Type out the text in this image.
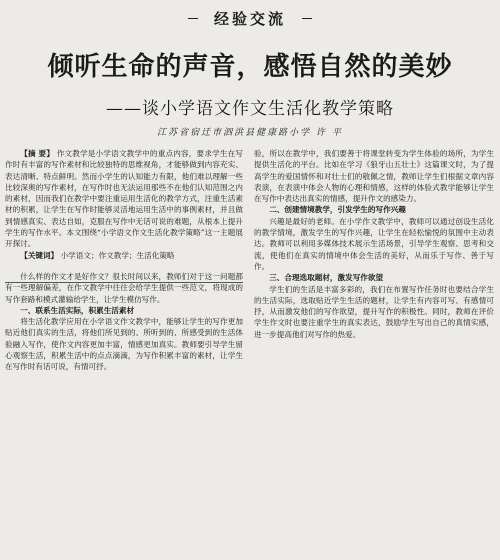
经验交流
倾听生命的声音，感悟自然的美妙
——谈小学语文作文生活化教学策略
江苏省宿迁市泗洪县健康路小学 许 平

【摘 要】 作文教学是小学语文教学中的重点内容，要求学生在写作时有丰富的写作素材和比较独特的思维视角，才能够做到内容充实、表达清晰、特点鲜明。然而小学生的认知能力有限，他们难以理解一些比较深奥的写作素材，在写作时也无法运用那些不在他们认知范围之内的素材，因而我们在教学中要注重运用生活化的教学方式，注重生活素材的积累，让学生在写作时能够灵活地运用生活中的事例素材，并且做到情感真实、表达自如，克服在写作中无话可说的难题，从根本上提升学生的写作水平。本文围绕“小学语文作文生活化教学策略”这一主题展开探讨。

【关键词】 小学语文；作文教学；生活化策略

什么样的作文才是好作文？很长时间以来，教师们对于这一问题都有一些理解偏差，在作文教学中往往会给学生提供一些范文，将现成的写作套路和模式灌输给学生，让学生模仿写作。

一、联系生活实际，积累生活素材

将生活化教学应用在小学语文作文教学中，能够让学生的写作更加贴近他们真实的生活，将他们所见到的、所听到的、所感受到的生活体验融入写作，使作文内容更加丰富，情感更加真实。教师要引导学生留心观察生活，积累生活中的点点滴滴，为写作积累丰富的素材，让学生在写作时有话可说，有情可抒。

验，所以在教学中，我们要善于将课堂转变为学生体验的场所，为学生提供生活化的平台。比如在学习《狼牙山五壮士》这篇课文时，为了提高学生的爱国情怀和对壮士们的敬佩之情，教师让学生们根据文章内容表演，在表演中体会人物的心理和情感，这样的体验式教学能够让学生在写作中表达出真实的情感，提升作文的感染力。

二、创建情境教学，引发学生的写作兴趣

兴趣是最好的老师。在小学作文教学中，教师可以通过创设生活化的教学情境，激发学生的写作兴趣，让学生在轻松愉悦的氛围中主动表达。教师可以利用多媒体技术展示生活场景，引导学生观察、思考和交流，使他们在真实的情境中体会生活的美好，从而乐于写作、善于写作。

三、合理选取题材，激发写作欲望

学生们的生活是丰富多彩的，我们在布置写作任务时也要结合学生的生活实际，选取贴近学生生活的题材，让学生有内容可写、有感情可抒，从而激发他们的写作欲望，提升写作的积极性。同时，教师在评价学生作文时也要注重学生的真实表达，鼓励学生写出自己的真情实感，进一步提高他们对写作的热爱。
